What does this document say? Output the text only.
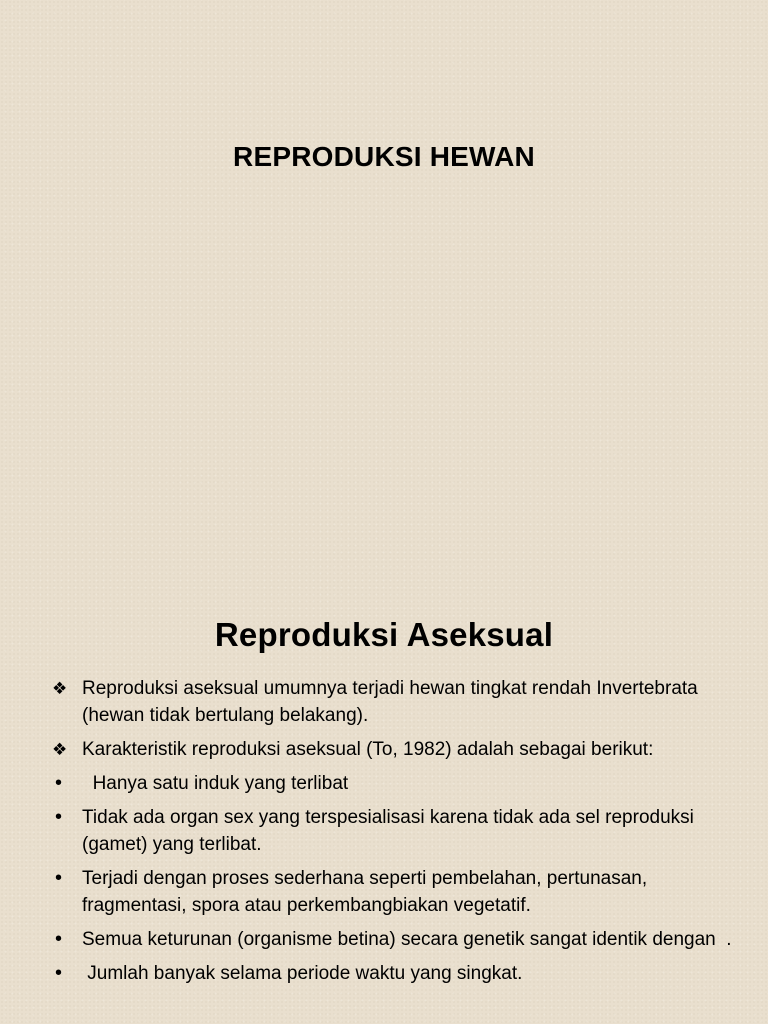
REPRODUKSI HEWAN
Reproduksi Aseksual
❖ Reproduksi aseksual umumnya terjadi hewan tingkat rendah Invertebrata (hewan tidak bertulang belakang).
❖ Karakteristik reproduksi aseksual (To, 1982) adalah sebagai berikut:
•	Hanya satu induk yang terlibat
•	Tidak ada organ sex yang terspesialisasi karena tidak ada sel reproduksi (gamet) yang terlibat.
•	Terjadi dengan proses sederhana seperti pembelahan, pertunasan, fragmentasi, spora atau perkembangbiakan vegetatif.
•	Semua keturunan (organisme betina) secara genetik sangat identik dengan  .
•	Jumlah banyak selama periode waktu yang singkat.
